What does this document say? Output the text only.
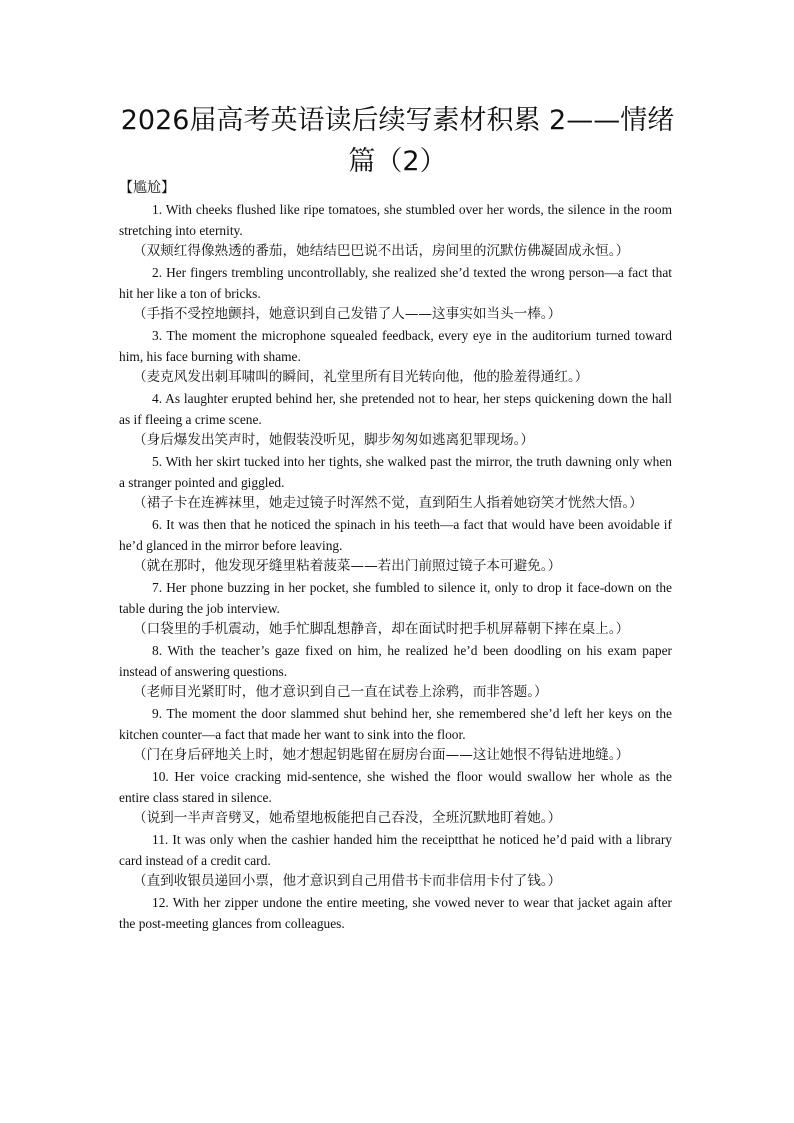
2026届高考英语读后续写素材积累 2——情绪篇（2）
【尴尬】

1. With cheeks flushed like ripe tomatoes, she stumbled over her words, the silence in the room stretching into eternity.

（双颊红得像熟透的番茄，她结结巴巴说不出话，房间里的沉默仿佛凝固成永恒。）

2. Her fingers trembling uncontrollably, she realized she’d texted the wrong person—a fact that hit her like a ton of bricks.

（手指不受控地颤抖，她意识到自己发错了人——这事实如当头一棒。）

3. The moment the microphone squealed feedback, every eye in the auditorium turned toward him, his face burning with shame.

（麦克风发出刺耳啸叫的瞬间，礼堂里所有目光转向他，他的脸羞得通红。）

4. As laughter erupted behind her, she pretended not to hear, her steps quickening down the hall as if fleeing a crime scene.

（身后爆发出笑声时，她假装没听见，脚步匆匆如逃离犯罪现场。）

5. With her skirt tucked into her tights, she walked past the mirror, the truth dawning only when a stranger pointed and giggled.

（裙子卡在连裤袜里，她走过镜子时浑然不觉，直到陌生人指着她窃笑才恍然大悟。）

6. It was then that he noticed the spinach in his teeth—a fact that would have been avoidable if he’d glanced in the mirror before leaving.

（就在那时，他发现牙缝里粘着菠菜——若出门前照过镜子本可避免。）

7. Her phone buzzing in her pocket, she fumbled to silence it, only to drop it face-down on the table during the job interview.

（口袋里的手机震动，她手忙脚乱想静音，却在面试时把手机屏幕朝下摔在桌上。）

8. With the teacher’s gaze fixed on him, he realized he’d been doodling on his exam paper instead of answering questions.

（老师目光紧盯时，他才意识到自己一直在试卷上涂鸦，而非答题。）

9. The moment the door slammed shut behind her, she remembered she’d left her keys on the kitchen counter—a fact that made her want to sink into the floor.

（门在身后砰地关上时，她才想起钥匙留在厨房台面——这让她恨不得钻进地缝。）

10. Her voice cracking mid-sentence, she wished the floor would swallow her whole as the entire class stared in silence.

（说到一半声音劈叉，她希望地板能把自己吞没，全班沉默地盯着她。）

11. It was only when the cashier handed him the receiptthat he noticed he’d paid with a library card instead of a credit card.

（直到收银员递回小票，他才意识到自己用借书卡而非信用卡付了钱。）

12. With her zipper undone the entire meeting, she vowed never to wear that jacket again after the post-meeting glances from colleagues.
